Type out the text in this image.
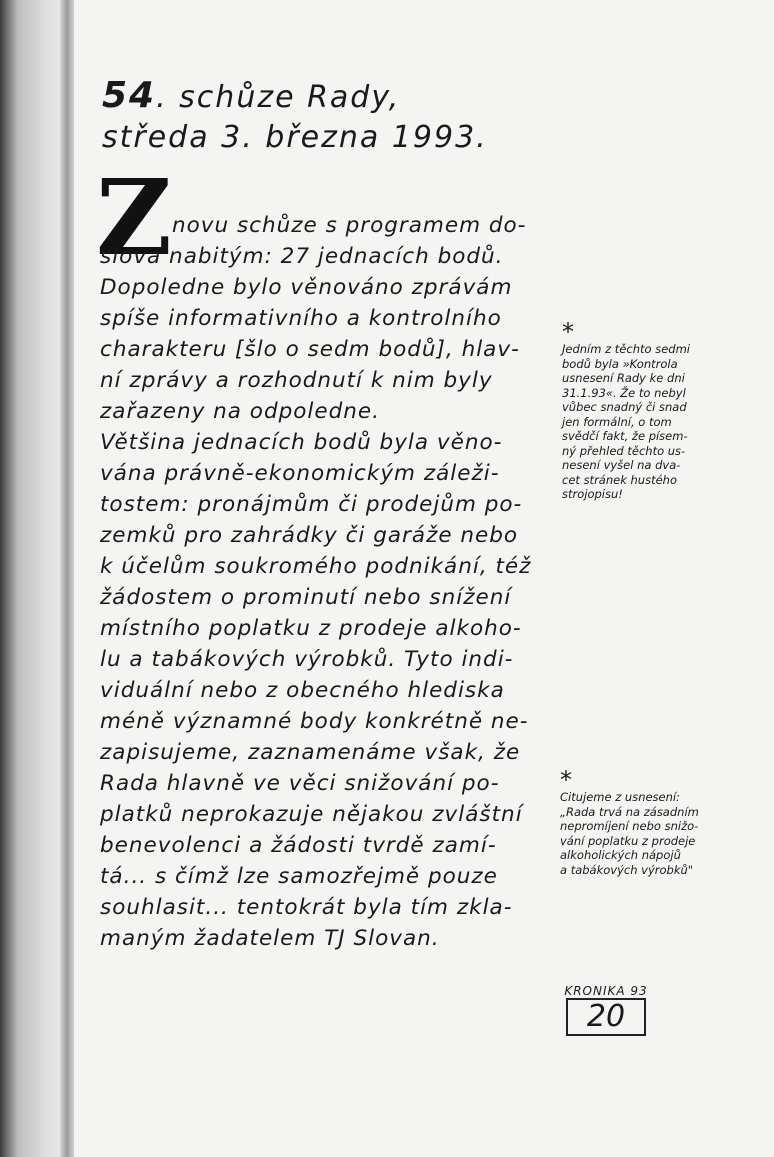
54. schůze Rady,
středa 3. března 1993.
Z novu schůze s programem do-
slova nabitým: 27 jednacích bodů.
Dopoledne bylo věnováno zprávám
spíše informativního a kontrolního
charakteru [šlo o sedm bodů], hlav-
ní zprávy a rozhodnutí k nim byly
zařazeny na odpoledne.
Většina jednacích bodů byla věno-
vána právně-ekonomickým záleži-
tostem: pronájmům či prodejům po-
zemků pro zahrádky či garáže nebo
k účelům soukromého podnikání, též
žádostem o prominutí nebo snížení
místního poplatku z prodeje alkoho-
lu a tabákových výrobků. Tyto indi-
viduální nebo z obecného hlediska
méně významné body konkrétně ne-
zapisujeme, zaznamenáme však, že
Rada hlavně ve věci snižování po-
platků neprokazuje nějakou zvláštní
benevolenci a žádosti tvrdě zamí-
tá... s čímž lze samozřejmě pouze
souhlasit... tentokrát byla tím zkla-
maným žadatelem TJ Slovan.
*
Jedním z těchto sedmi
bodů byla »Kontrola
usnesení Rady ke dni
31.1.93«. Že to nebyl
vůbec snadný či snad
jen formální, o tom
svědčí fakt, že písem-
ný přehled těchto us-
nesení vyšel na dva-
cet stránek hustého
strojopisu!
*
Citujeme z usnesení:
„Rada trvá na zásadním
nepromíjení nebo snižo-
vání poplatku z prodeje
alkoholických nápojů
a tabákových výrobků"
KRONIKA 93
20
